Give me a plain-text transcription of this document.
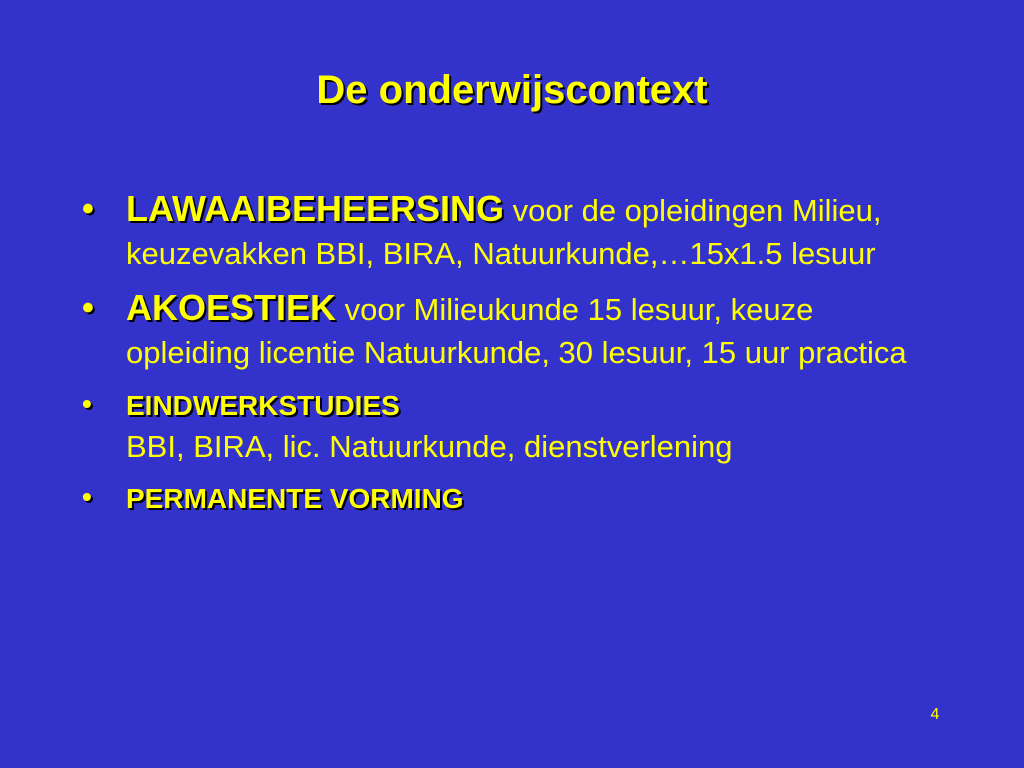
De onderwijscontext
• LAWAAIBEHEERSING voor de opleidingen Milieu, keuzevakken BBI, BIRA, Natuurkunde,…15x1.5 lesuur
• AKOESTIEK voor Milieukunde 15 lesuur, keuze opleiding licentie Natuurkunde, 30 lesuur, 15 uur practica
• EINDWERKSTUDIES
BBI, BIRA, lic. Natuurkunde, dienstverlening
• PERMANENTE VORMING
4
